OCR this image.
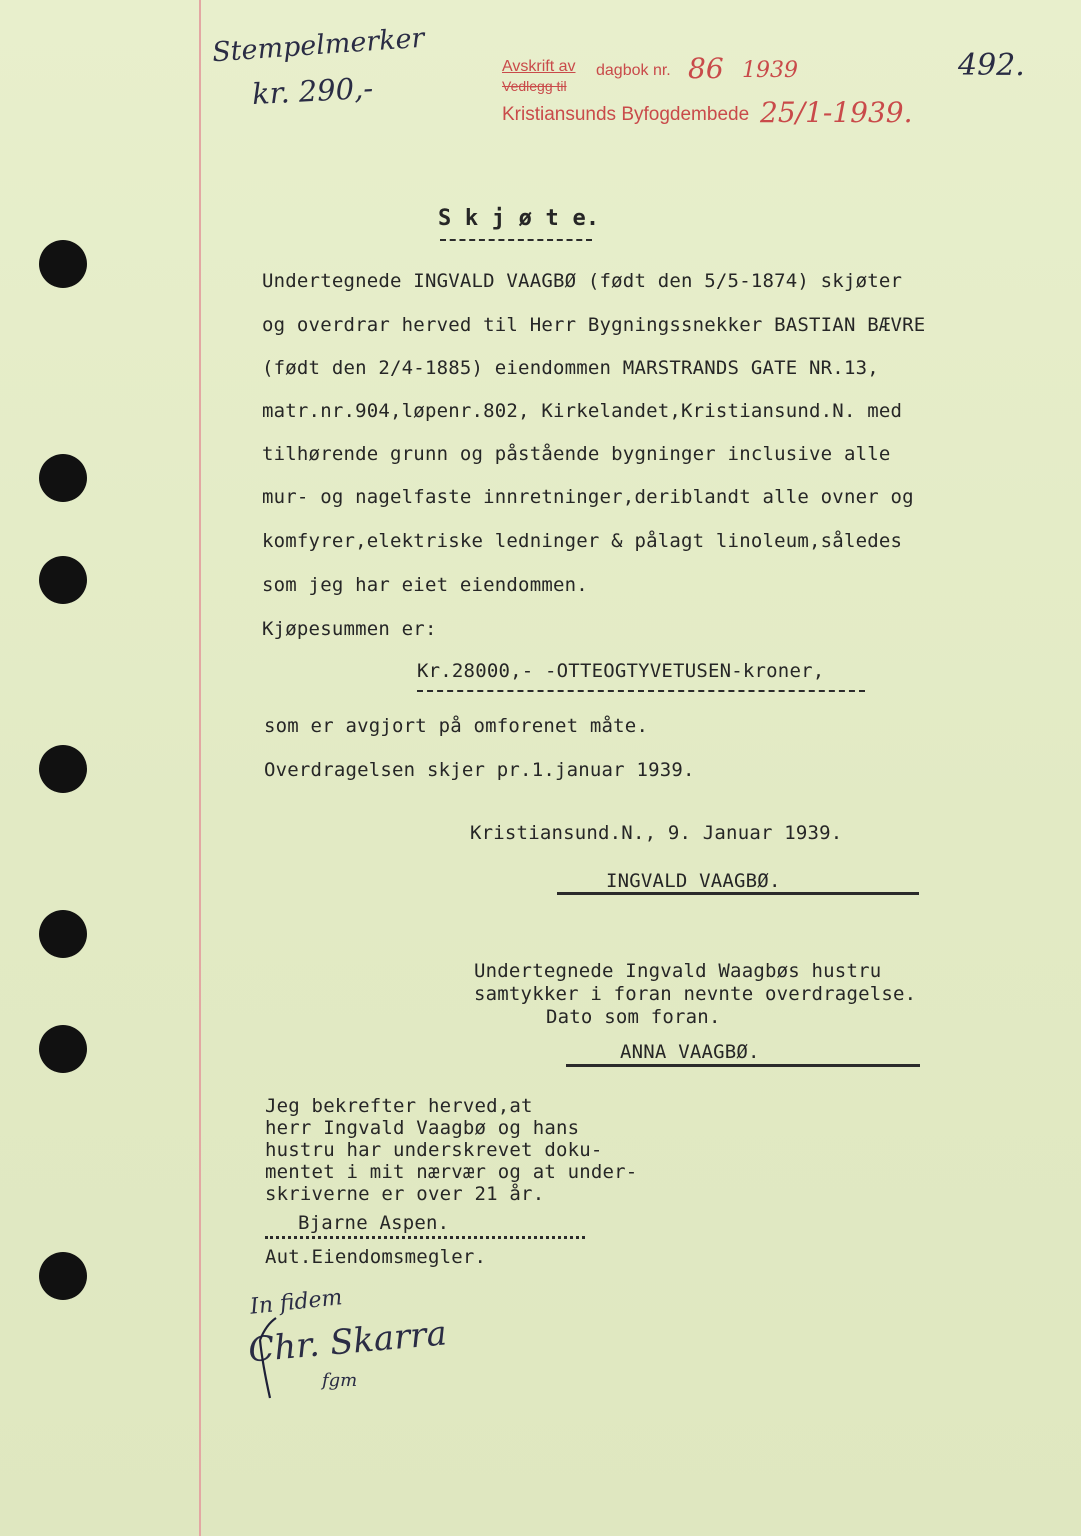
Stempelmerker
kr. 290,-
Avskrift av
Vedlegg til
dagbok nr. 86 1939
Kristiansunds Byfogdembede 25/1-1939.
492.
S k j ø t e.
Undertegnede INGVALD VAAGBØ (født den 5/5-1874) skjøter
og overdrar herved til Herr Bygningssnekker BASTIAN BÆVRE
(født den 2/4-1885) eiendommen MARSTRANDS GATE NR.13,
matr.nr.904,løpenr.802, Kirkelandet,Kristiansund.N. med
tilhørende grunn og påstående bygninger inclusive alle
mur- og nagelfaste innretninger,deriblandt alle ovner og
komfyrer,elektriske ledninger & pålagt linoleum,således
som jeg har eiet eiendommen.
Kjøpesummen er:
Kr.28000,- -OTTEOGTYVETUSEN-kroner,
som er avgjort på omforenet måte.
Overdragelsen skjer pr.1.januar 1939.
Kristiansund.N., 9. Januar 1939.
INGVALD VAAGBØ.
Undertegnede Ingvald Waagbøs hustru
samtykker i foran nevnte overdragelse.
Dato som foran.
ANNA VAAGBØ.
Jeg bekrefter herved,at
herr Ingvald Vaagbø og hans
hustru har underskrevet doku-
mentet i mit nærvær og at under-
skriverne er over 21 år.
Bjarne Aspen.
Aut.Eiendomsmegler.
In fidem
Chr. Skarra
fgm
